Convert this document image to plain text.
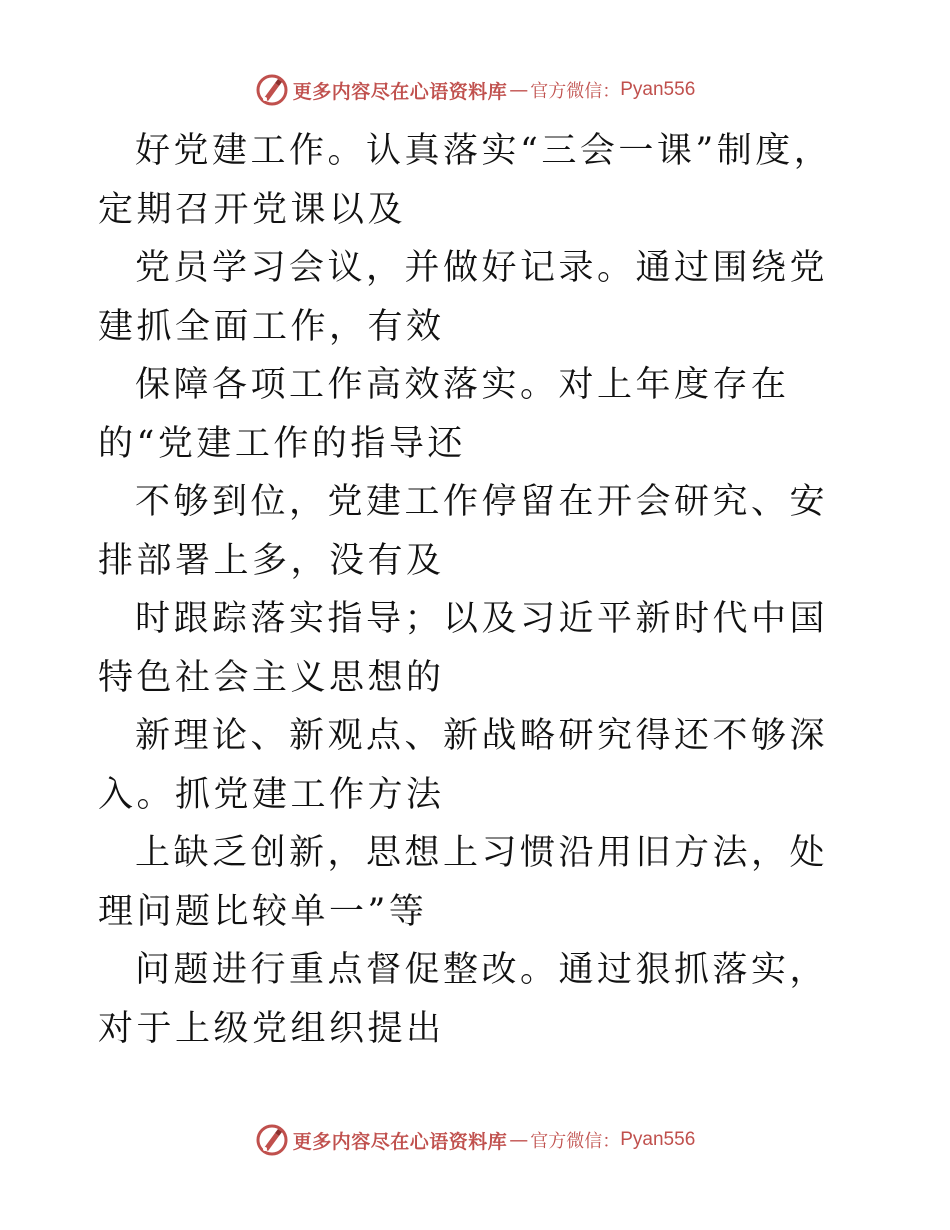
更多内容尽在心语资料库 — 官方微信： Pyan556

好党建工作。认真落实“三会一课”制度，定期召开党课以及

党员学习会议，并做好记录。通过围绕党建抓全面工作，有效

保障各项工作高效落实。对上年度存在的“党建工作的指导还

不够到位，党建工作停留在开会研究、安排部署上多，没有及

时跟踪落实指导；以及习近平新时代中国特色社会主义思想的

新理论、新观点、新战略研究得还不够深入。抓党建工作方法

上缺乏创新，思想上习惯沿用旧方法，处理问题比较单一”等

问题进行重点督促整改。通过狠抓落实，对于上级党组织提出

更多内容尽在心语资料库 — 官方微信： Pyan556
